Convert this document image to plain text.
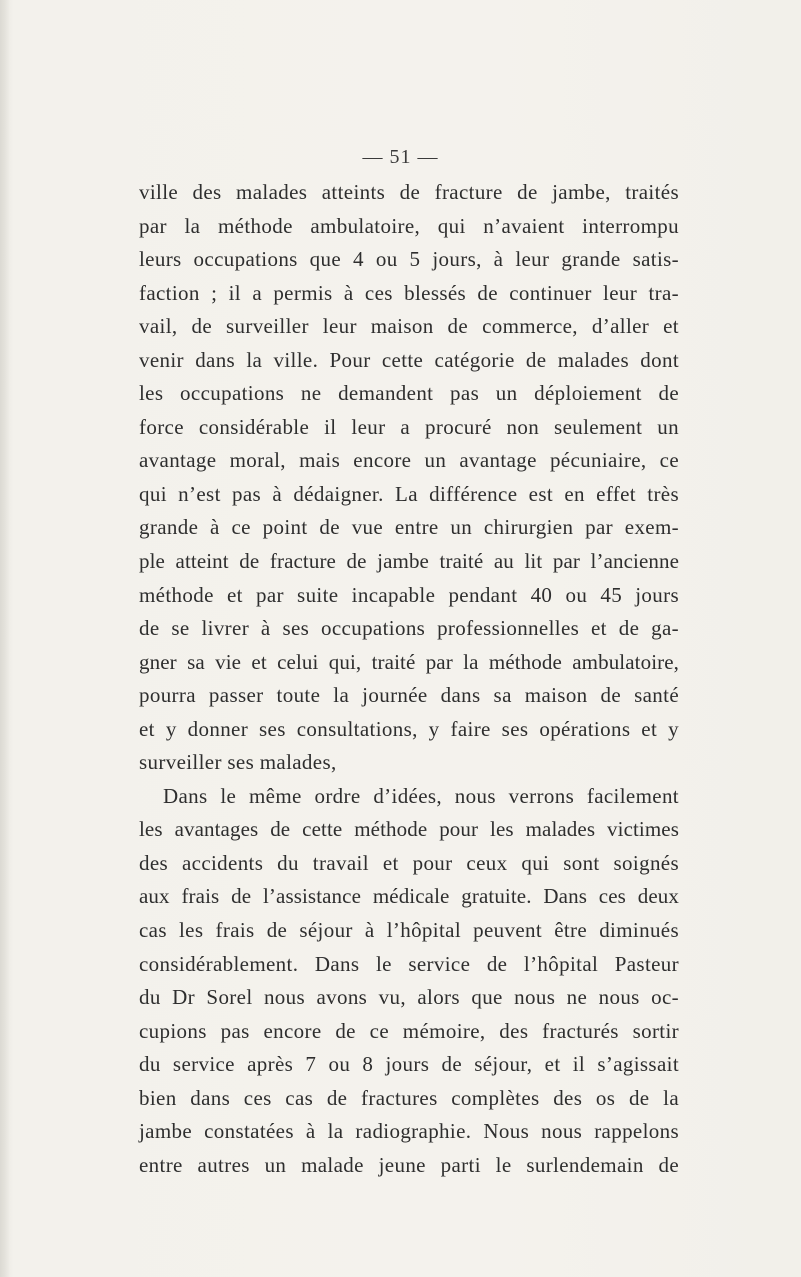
— 51 —
ville des malades atteints de fracture de jambe, traités
par la méthode ambulatoire, qui n’avaient interrompu
leurs occupations que 4 ou 5 jours, à leur grande satis-
faction ; il a permis à ces blessés de continuer leur tra-
vail, de surveiller leur maison de commerce, d’aller et
venir dans la ville. Pour cette catégorie de malades dont
les occupations ne demandent pas un déploiement de
force considérable il leur a procuré non seulement un
avantage moral, mais encore un avantage pécuniaire, ce
qui n’est pas à dédaigner. La différence est en effet très
grande à ce point de vue entre un chirurgien par exem-
ple atteint de fracture de jambe traité au lit par l’ancienne
méthode et par suite incapable pendant 40 ou 45 jours
de se livrer à ses occupations professionnelles et de ga-
gner sa vie et celui qui, traité par la méthode ambulatoire,
pourra passer toute la journée dans sa maison de santé
et y donner ses consultations, y faire ses opérations et y
surveiller ses malades,
Dans le même ordre d’idées, nous verrons facilement
les avantages de cette méthode pour les malades victimes
des accidents du travail et pour ceux qui sont soignés
aux frais de l’assistance médicale gratuite. Dans ces deux
cas les frais de séjour à l’hôpital peuvent être diminués
considérablement. Dans le service de l’hôpital Pasteur
du Dr Sorel nous avons vu, alors que nous ne nous oc-
cupions pas encore de ce mémoire, des fracturés sortir
du service après 7 ou 8 jours de séjour, et il s’agissait
bien dans ces cas de fractures complètes des os de la
jambe constatées à la radiographie. Nous nous rappelons
entre autres un malade jeune parti le surlendemain de
